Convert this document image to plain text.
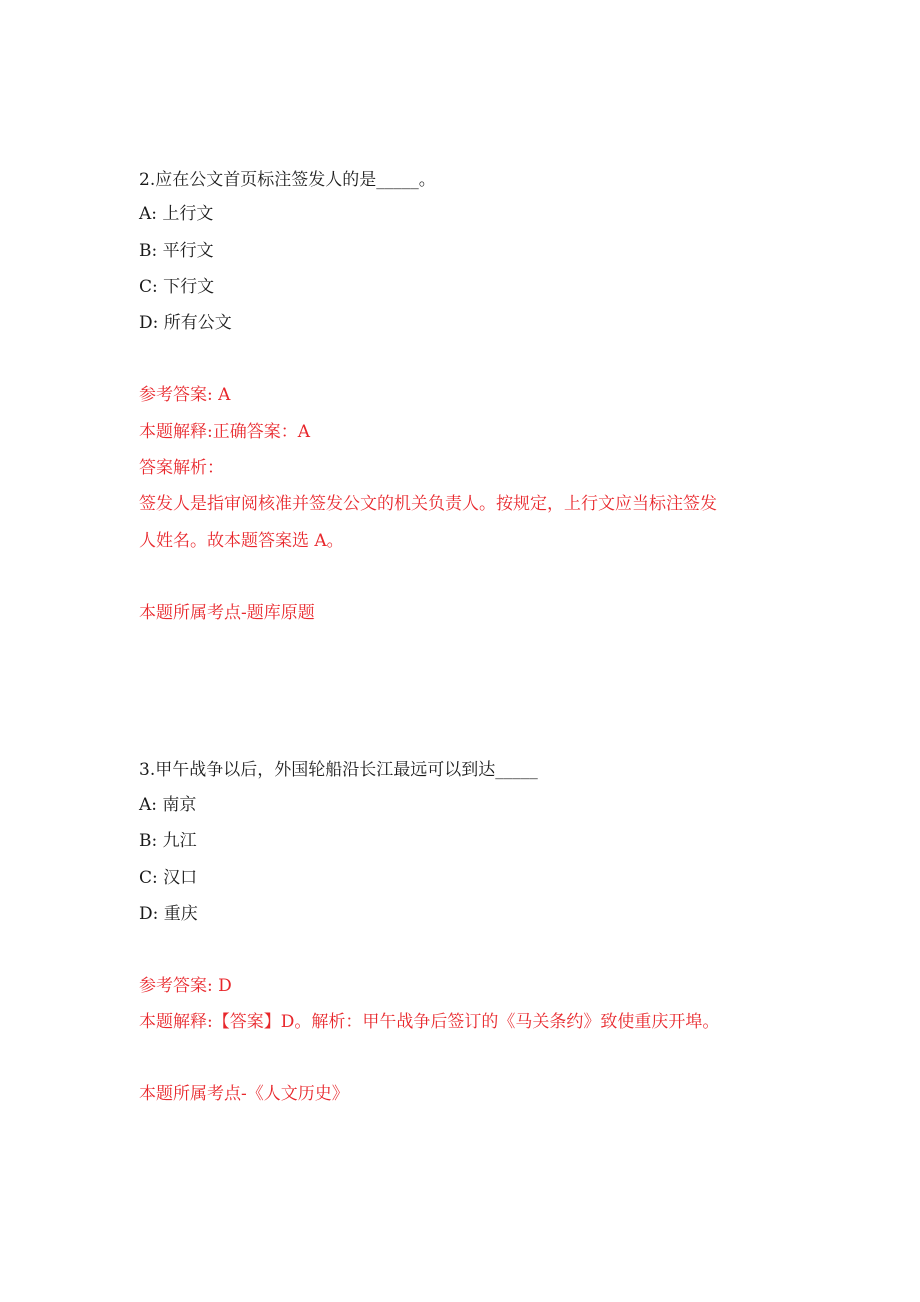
2.应在公文首页标注签发人的是_____。
A: 上行文
B: 平行文
C: 下行文
D: 所有公文
参考答案: A
本题解释:正确答案：A
答案解析：
签发人是指审阅核准并签发公文的机关负责人。按规定，上行文应当标注签发
人姓名。故本题答案选 A。
本题所属考点-题库原题
3.甲午战争以后，外国轮船沿长江最远可以到达_____
A: 南京
B: 九江
C: 汉口
D: 重庆
参考答案: D
本题解释:【答案】D。解析：甲午战争后签订的《马关条约》致使重庆开埠。
本题所属考点-《人文历史》
